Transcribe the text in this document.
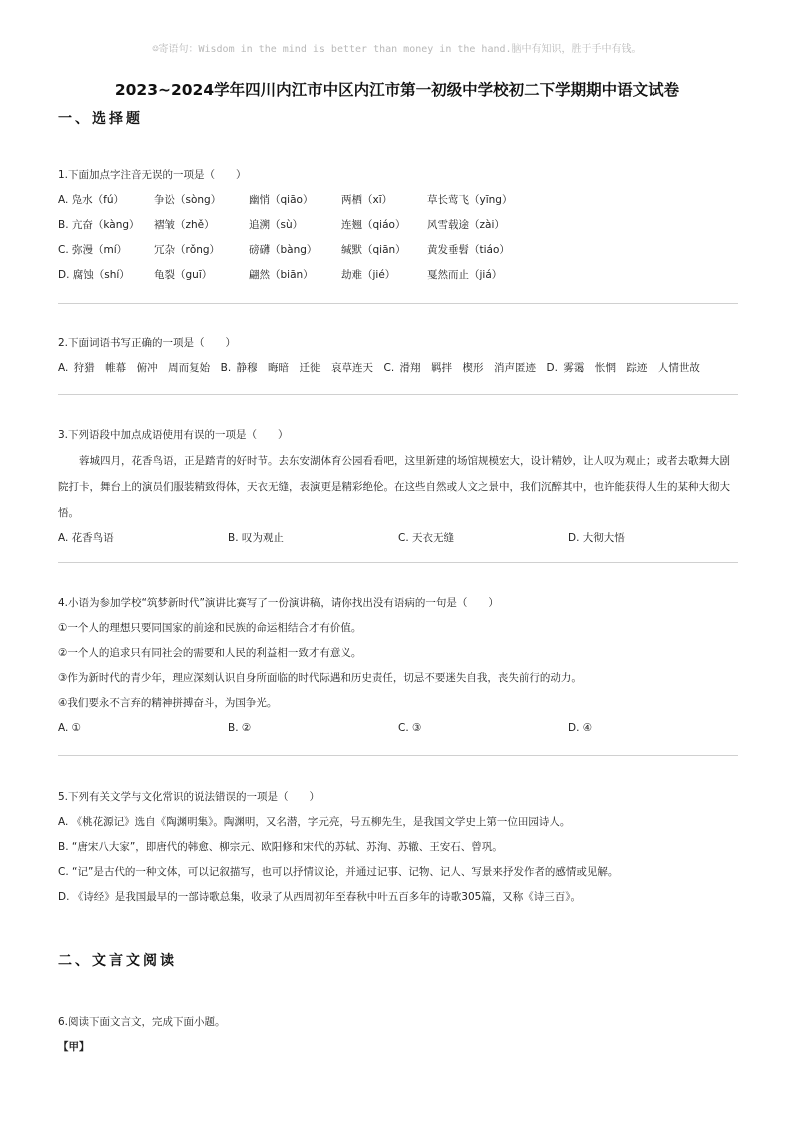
☺寄语句：Wisdom in the mind is better than money in the hand.脑中有知识，胜于手中有钱。
2023~2024学年四川内江市中区内江市第一初级中学校初二下学期期中语文试卷
一、选择题
1.下面加点字注音无误的一项是（　　）
A. 凫水（fú）	争讼（sòng）	幽悄（qiāo）	两栖（xī）	草长莺飞（yīng）
B. 亢奋（kàng）	褶皱（zhě）	追溯（sù）	连翘（qiáo）	风雪载途（zài）
C. 弥漫（mí）	冗杂（rǒng）	磅礴（bàng）	缄默（qiān）	黄发垂髫（tiáo）
D. 腐蚀（shí）	龟裂（guī）	翩然（biān）	劫难（jié）	戛然而止（jiá）
2.下面词语书写正确的一项是（　　）
A. 狩猎　帷幕　俯冲　周而复始　B. 静穆　晦暗　迁徙　哀草连天　C. 滑翔　羁拌　楔形　消声匿迹　D. 雾霭　怅惘　踪迹　人情世故
3.下列语段中加点成语使用有误的一项是（　　）
蓉城四月，花香鸟语，正是踏青的好时节。去东安湖体育公园看看吧，这里新建的场馆规模宏大，设计精妙，让人叹为观止；或者去歌舞大剧院打卡，舞台上的演员们服装精致得体，天衣无缝，表演更是精彩绝伦。在这些自然或人文之景中，我们沉醉其中，也许能获得人生的某种大彻大悟。
A. 花香鸟语	B. 叹为观止	C. 天衣无缝	D. 大彻大悟
4.小语为参加学校“筑梦新时代”演讲比赛写了一份演讲稿，请你找出没有语病的一句是（　　）
①一个人的理想只要同国家的前途和民族的命运相结合才有价值。
②一个人的追求只有同社会的需要和人民的利益相一致才有意义。
③作为新时代的青少年，理应深刻认识自身所面临的时代际遇和历史责任，切忌不要迷失自我，丧失前行的动力。
④我们要永不言弃的精神拼搏奋斗，为国争光。
A. ①	B. ②	C. ③	D. ④
5.下列有关文学与文化常识的说法错误的一项是（　　）
A. 《桃花源记》选自《陶渊明集》。陶渊明，又名潜，字元亮，号五柳先生，是我国文学史上第一位田园诗人。
B. “唐宋八大家”，即唐代的韩愈、柳宗元、欧阳修和宋代的苏轼、苏洵、苏辙、王安石、曾巩。
C. “记”是古代的一种文体，可以记叙描写，也可以抒情议论，并通过记事、记物、记人、写景来抒发作者的感情或见解。
D. 《诗经》是我国最早的一部诗歌总集，收录了从西周初年至春秋中叶五百多年的诗歌305篇，又称《诗三百》。
二、文言文阅读
6.阅读下面文言文，完成下面小题。
【甲】
